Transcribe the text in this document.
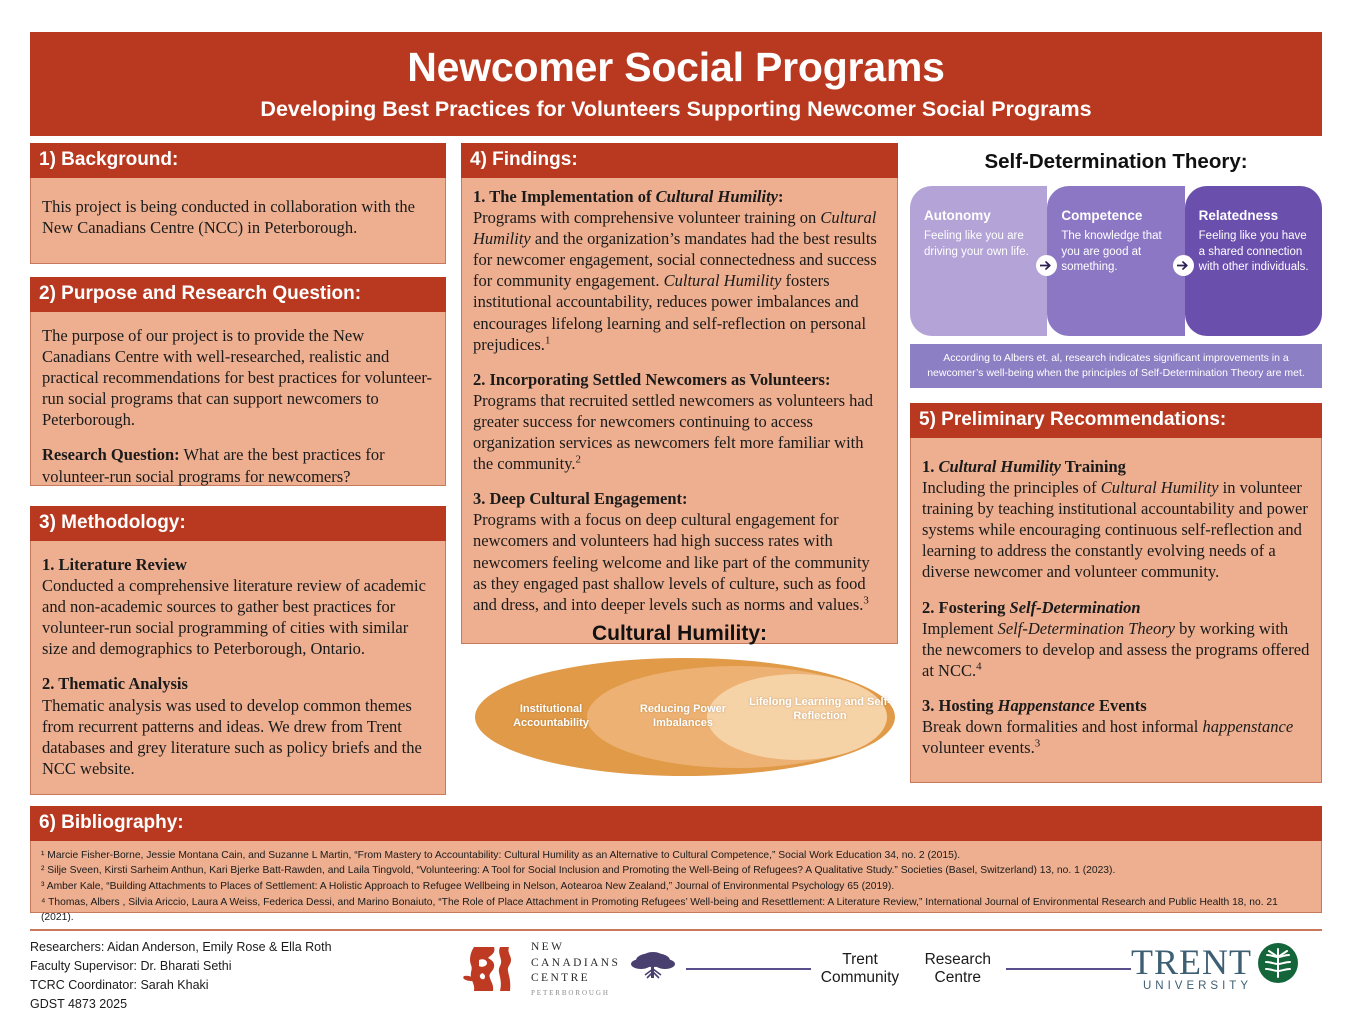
Newcomer Social Programs
Developing Best Practices for Volunteers Supporting Newcomer Social Programs
1) Background:

This project is being conducted in collaboration with the New Canadians Centre (NCC) in Peterborough.

2) Purpose and Research Question:

The purpose of our project is to provide the New Canadians Centre with well-researched, realistic and practical recommendations for best practices for volunteer-run social programs that can support newcomers to Peterborough.

Research Question: What are the best practices for volunteer-run social programs for newcomers?

3) Methodology:

1. Literature Review
Conducted a comprehensive literature review of academic and non-academic sources to gather best practices for volunteer-run social programming of cities with similar size and demographics to Peterborough, Ontario.

2. Thematic Analysis
Thematic analysis was used to develop common themes from recurrent patterns and ideas. We drew from Trent databases and grey literature such as policy briefs and the NCC website.

4) Findings:

1. The Implementation of Cultural Humility:
Programs with comprehensive volunteer training on Cultural Humility and the organization’s mandates had the best results for newcomer engagement, social connectedness and success for community engagement. Cultural Humility fosters institutional accountability, reduces power imbalances and encourages lifelong learning and self-reflection on personal prejudices.$^1$

2. Incorporating Settled Newcomers as Volunteers:
Programs that recruited settled newcomers as volunteers had greater success for newcomers continuing to access organization services as newcomers felt more familiar with the community.$^2$

3. Deep Cultural Engagement:
Programs with a focus on deep cultural engagement for newcomers and volunteers had high success rates with newcomers feeling welcome and like part of the community as they engaged past shallow levels of culture, such as food and dress, and into deeper levels such as norms and values.$^3$

Cultural Humility:
Institutional Accountability
Reducing Power Imbalances
Lifelong Learning and Self-Reflection
Self-Determination Theory:
Autonomy
Feeling like you are driving your own life.
Competence
The knowledge that you are good at something.
Relatedness
Feeling like you have a shared connection with other individuals.
According to Albers et. al, research indicates significant improvements in a newcomer’s well-being when the principles of Self-Determination Theory are met.
5) Preliminary Recommendations:

1. Cultural Humility Training
Including the principles of Cultural Humility in volunteer training by teaching institutional accountability and power systems while encouraging continuous self-reflection and learning to address the constantly evolving needs of a diverse newcomer and volunteer community.

2. Fostering Self-Determination
Implement Self-Determination Theory by working with the newcomers to develop and assess the programs offered at NCC.$^4$

3. Hosting Happenstance Events
Break down formalities and host informal happenstance volunteer events.$^3$

6) Bibliography:
¹ Marcie Fisher-Borne, Jessie Montana Cain, and Suzanne L Martin, “From Mastery to Accountability: Cultural Humility as an Alternative to Cultural Competence,” Social Work Education 34, no. 2 (2015).
² Silje Sveen, Kirsti Sarheim Anthun, Kari Bjerke Batt-Rawden, and Laila Tingvold, “Volunteering: A Tool for Social Inclusion and Promoting the Well-Being of Refugees? A Qualitative Study.” Societies (Basel, Switzerland) 13, no. 1 (2023).
³ Amber Kale, “Building Attachments to Places of Settlement: A Holistic Approach to Refugee Wellbeing in Nelson, Aotearoa New Zealand,” Journal of Environmental Psychology 65 (2019).
⁴ Thomas, Albers , Silvia Ariccio, Laura A Weiss, Federica Dessi, and Marino Bonaiuto, “The Role of Place Attachment in Promoting Refugees’ Well-being and Resettlement: A Literature Review,” International Journal of Environmental Research and Public Health 18, no. 21 (2021).
Researchers: Aidan Anderson, Emily Rose & Ella Roth
Faculty Supervisor: Dr. Bharati Sethi
TCRC Coordinator: Sarah Khaki
GDST 4873 2025
NEW
CANADIANS
CENTRE
PETERBOROUGH
Trent Community
Research Centre	TRENT
UNIVERSITY
